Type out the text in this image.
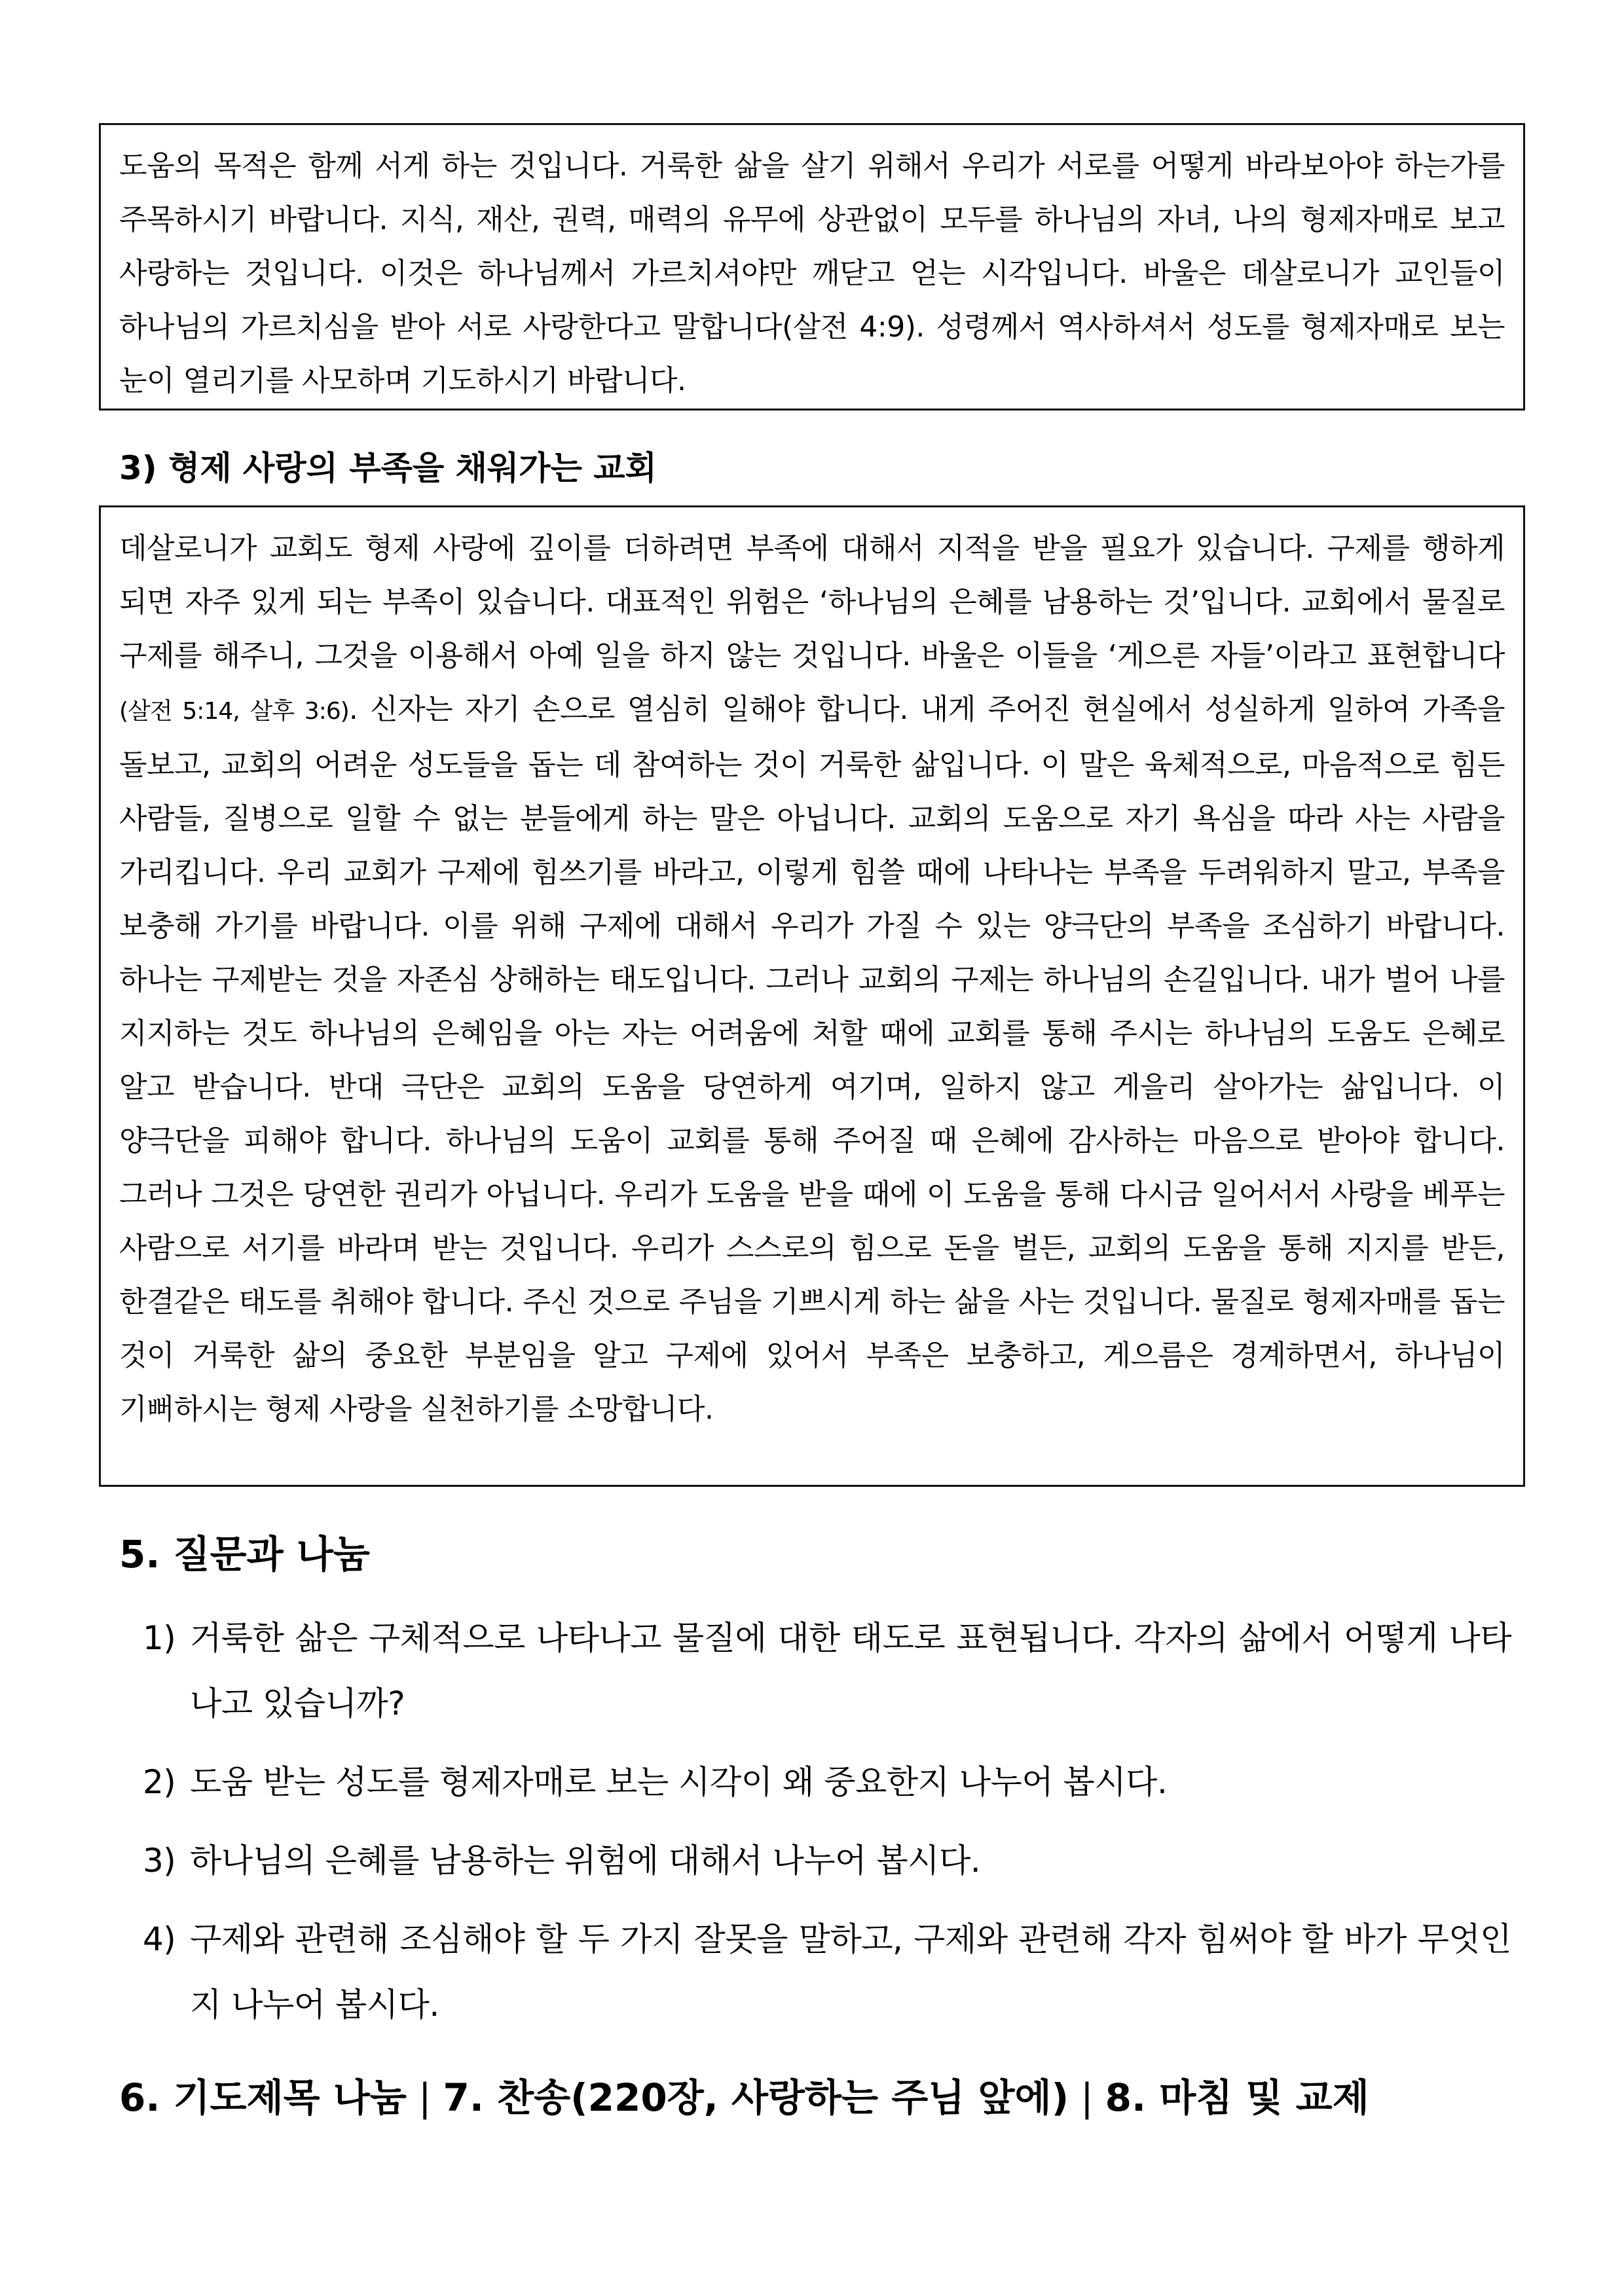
도움의 목적은 함께 서게 하는 것입니다. 거룩한 삶을 살기 위해서 우리가 서로를 어떻게 바라보아야 하는가를 주목하시기 바랍니다. 지식, 재산, 권력, 매력의 유무에 상관없이 모두를 하나님의 자녀, 나의 형제자매로 보고 사랑하는 것입니다. 이것은 하나님께서 가르치셔야만 깨닫고 얻는 시각입니다. 바울은 데살로니가 교인들이 하나님의 가르치심을 받아 서로 사랑한다고 말합니다(살전 4:9). 성령께서 역사하셔서 성도를 형제자매로 보는 눈이 열리기를 사모하며 기도하시기 바랍니다.

3) 형제 사랑의 부족을 채워가는 교회

데살로니가 교회도 형제 사랑에 깊이를 더하려면 부족에 대해서 지적을 받을 필요가 있습니다. 구제를 행하게 되면 자주 있게 되는 부족이 있습니다. 대표적인 위험은 ‘하나님의 은혜를 남용하는 것’입니다. 교회에서 물질로 구제를 해주니, 그것을 이용해서 아예 일을 하지 않는 것입니다. 바울은 이들을 ‘게으른 자들’이라고 표현합니다(살전 5:14, 살후 3:6). 신자는 자기 손으로 열심히 일해야 합니다. 내게 주어진 현실에서 성실하게 일하여 가족을 돌보고, 교회의 어려운 성도들을 돕는 데 참여하는 것이 거룩한 삶입니다. 이 말은 육체적으로, 마음적으로 힘든 사람들, 질병으로 일할 수 없는 분들에게 하는 말은 아닙니다. 교회의 도움으로 자기 욕심을 따라 사는 사람을 가리킵니다. 우리 교회가 구제에 힘쓰기를 바라고, 이렇게 힘쓸 때에 나타나는 부족을 두려워하지 말고, 부족을 보충해 가기를 바랍니다. 이를 위해 구제에 대해서 우리가 가질 수 있는 양극단의 부족을 조심하기 바랍니다. 하나는 구제받는 것을 자존심 상해하는 태도입니다. 그러나 교회의 구제는 하나님의 손길입니다. 내가 벌어 나를 지지하는 것도 하나님의 은혜임을 아는 자는 어려움에 처할 때에 교회를 통해 주시는 하나님의 도움도 은혜로 알고 받습니다. 반대 극단은 교회의 도움을 당연하게 여기며, 일하지 않고 게을리 살아가는 삶입니다. 이 양극단을 피해야 합니다. 하나님의 도움이 교회를 통해 주어질 때 은혜에 감사하는 마음으로 받아야 합니다. 그러나 그것은 당연한 권리가 아닙니다. 우리가 도움을 받을 때에 이 도움을 통해 다시금 일어서서 사랑을 베푸는 사람으로 서기를 바라며 받는 것입니다. 우리가 스스로의 힘으로 돈을 벌든, 교회의 도움을 통해 지지를 받든, 한결같은 태도를 취해야 합니다. 주신 것으로 주님을 기쁘시게 하는 삶을 사는 것입니다. 물질로 형제자매를 돕는 것이 거룩한 삶의 중요한 부분임을 알고 구제에 있어서 부족은 보충하고, 게으름은 경계하면서, 하나님이 기뻐하시는 형제 사랑을 실천하기를 소망합니다.

5. 질문과 나눔
1) 거룩한 삶은 구체적으로 나타나고 물질에 대한 태도로 표현됩니다. 각자의 삶에서 어떻게 나타나고 있습니까?
2) 도움 받는 성도를 형제자매로 보는 시각이 왜 중요한지 나누어 봅시다.
3) 하나님의 은혜를 남용하는 위험에 대해서 나누어 봅시다.
4) 구제와 관련해 조심해야 할 두 가지 잘못을 말하고, 구제와 관련해 각자 힘써야 할 바가 무엇인지 나누어 봅시다.
6. 기도제목 나눔 | 7. 찬송(220장, 사랑하는 주님 앞에) | 8. 마침 및 교제
